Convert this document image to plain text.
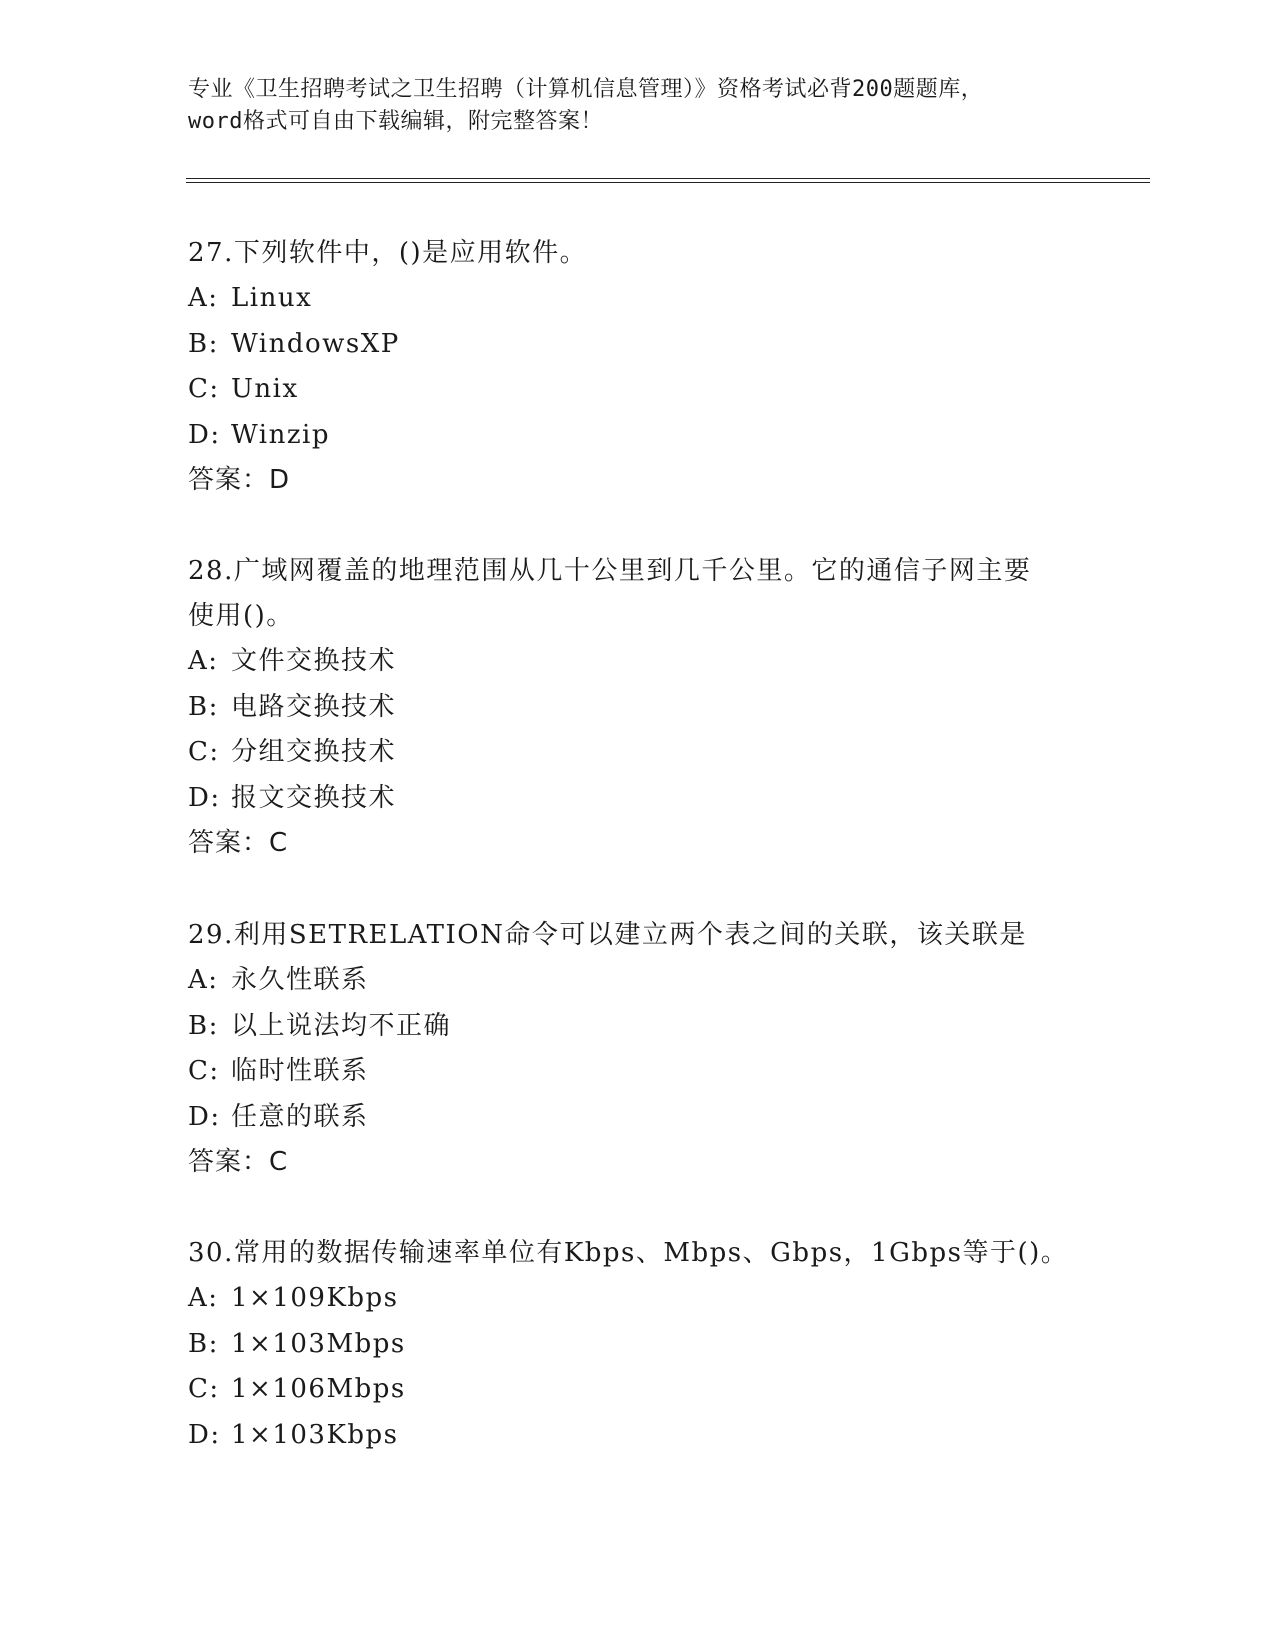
专业《卫生招聘考试之卫生招聘（计算机信息管理）》资格考试必背200题题库，
word格式可自由下载编辑，附完整答案！

27.下列软件中，()是应用软件。

A: Linux

B: WindowsXP

C: Unix

D: Winzip

答案：D

28.广域网覆盖的地理范围从几十公里到几千公里。它的通信子网主要

使用()。

A: 文件交换技术

B: 电路交换技术

C: 分组交换技术

D: 报文交换技术

答案：C

29.利用SETRELATION命令可以建立两个表之间的关联，该关联是

A: 永久性联系

B: 以上说法均不正确

C: 临时性联系

D: 任意的联系

答案：C

30.常用的数据传输速率单位有Kbps、Mbps、Gbps，1Gbps等于()。

A: 1×109Kbps

B: 1×103Mbps

C: 1×106Mbps

D: 1×103Kbps
